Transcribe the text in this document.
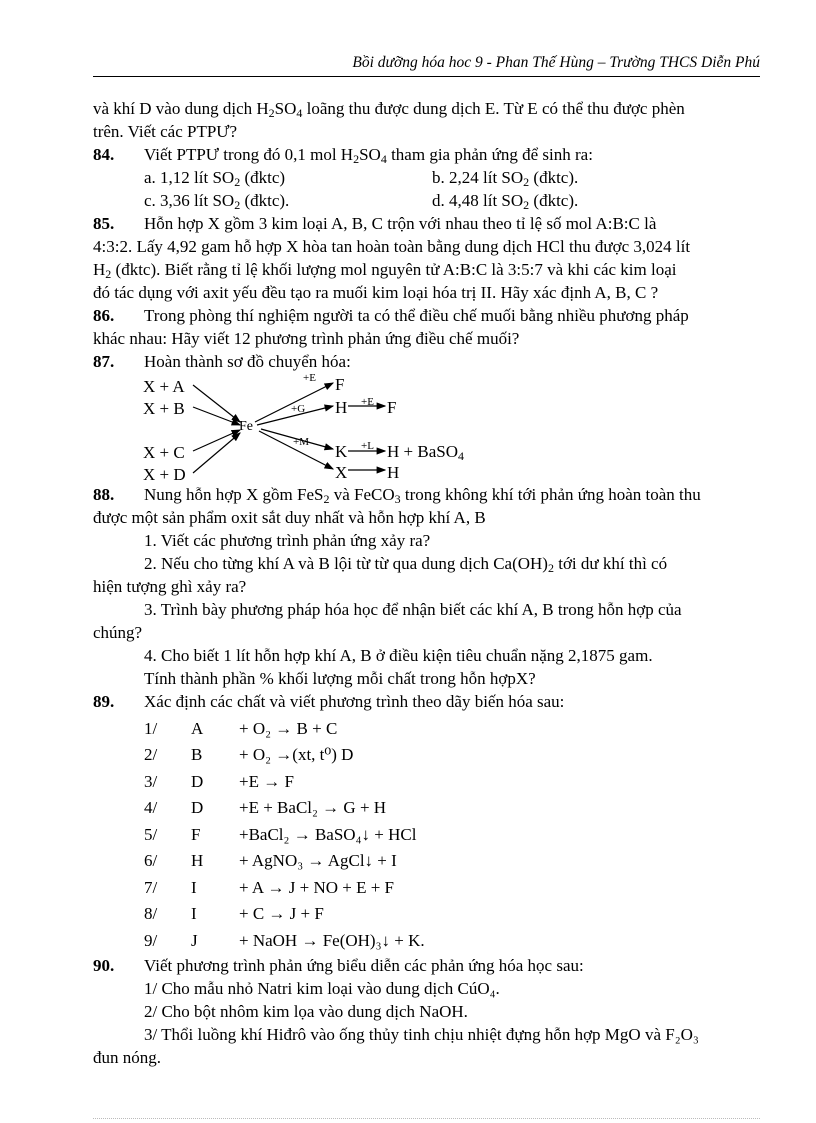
Bồi dưỡng hóa hoc 9 - Phan Thế Hùng – Trường THCS Diễn Phú

và khí D vào dung dịch $H_2SO_4$ loãng thu được dung dịch E. Từ E có thể thu được phèn

trên. Viết các PTPƯ?

84. Viết PTPƯ trong đó 0,1 mol $H_2SO_4$ tham gia phản ứng để sinh ra:

a. 1,12 lít $SO_2$ (đktc)	b. 2,24 lít $SO_2$ (đktc).

c. 3,36 lít $SO_2$ (đktc).	d. 4,48 lít $SO_2$ (đktc).

85. Hỗn hợp X gồm 3 kim loại A, B, C trộn với nhau theo tỉ lệ số mol A:B:C là

4:3:2. Lấy 4,92 gam hỗ hợp X hòa tan hoàn toàn bằng dung dịch HCl thu được 3,024 lít

$H_2$ (đktc). Biết rằng tỉ lệ khối lượng mol nguyên tử A:B:C là 3:5:7 và khi các kim loại

đó tác dụng với axit yếu đều tạo ra muối kim loại hóa trị II. Hãy xác định A, B, C ?

86. Trong phòng thí nghiệm người ta có thể điều chế muối bằng nhiều phương pháp

khác nhau: Hãy viết 12 phương trình phản ứng điều chế muối?

87. Hoàn thành sơ đồ chuyển hóa:

X + A
X + B
X + C
X + D
Fe
+E
+G
+M
+E
+L
F
H F
K H + BaSO$_4$
X H

88. Nung hỗn hợp X gồm FeS$_2$ và FeCO$_3$ trong không khí tới phản ứng hoàn toàn thu

được một sản phẩm oxit sắt duy nhất và hỗn hợp khí A, B

1. Viết các phương trình phản ứng xảy ra?

2. Nếu cho từng khí A và B lội từ từ qua dung dịch $Ca(OH)_2$ tới dư khí thì có

hiện tượng ghì xảy ra?

3. Trình bày phương pháp hóa học để nhận biết các khí A, B trong hỗn hợp của

chúng?

4. Cho biết 1 lít hỗn hợp khí A, B ở điều kiện tiêu chuẩn nặng 2,1875 gam.

Tính thành phần % khối lượng mỗi chất trong hỗn hợpX?

89. Xác định các chất và viết phương trình theo dãy biến hóa sau:

1/	A	+ O₂ → B + C
2/	B	+ O₂ →(xt, t⁰) D
3/	D	+E → F
4/	D	+E + BaCl₂ → G + H
5/	F	+BaCl₂ → BaSO₄↓ + HCl
6/	H	+ AgNO₃ → AgCl↓ + I
7/	I	+ A → J + NO + E + F
8/	I	+ C → J + F
9/	J	+ NaOH → Fe(OH)₃↓ + K.

90. Viết phương trình phản ứng biểu diễn các phản ứng hóa học sau:

1/ Cho mẫu nhỏ Natri kim loại vào dung dịch CúO₄.

2/ Cho bột nhôm kim lọa vào dung dịch NaOH.

3/ Thổi luồng khí Hiđrô vào ống thủy tinh chịu nhiệt đựng hỗn hợp MgO và F₂O₃

đun nóng.
